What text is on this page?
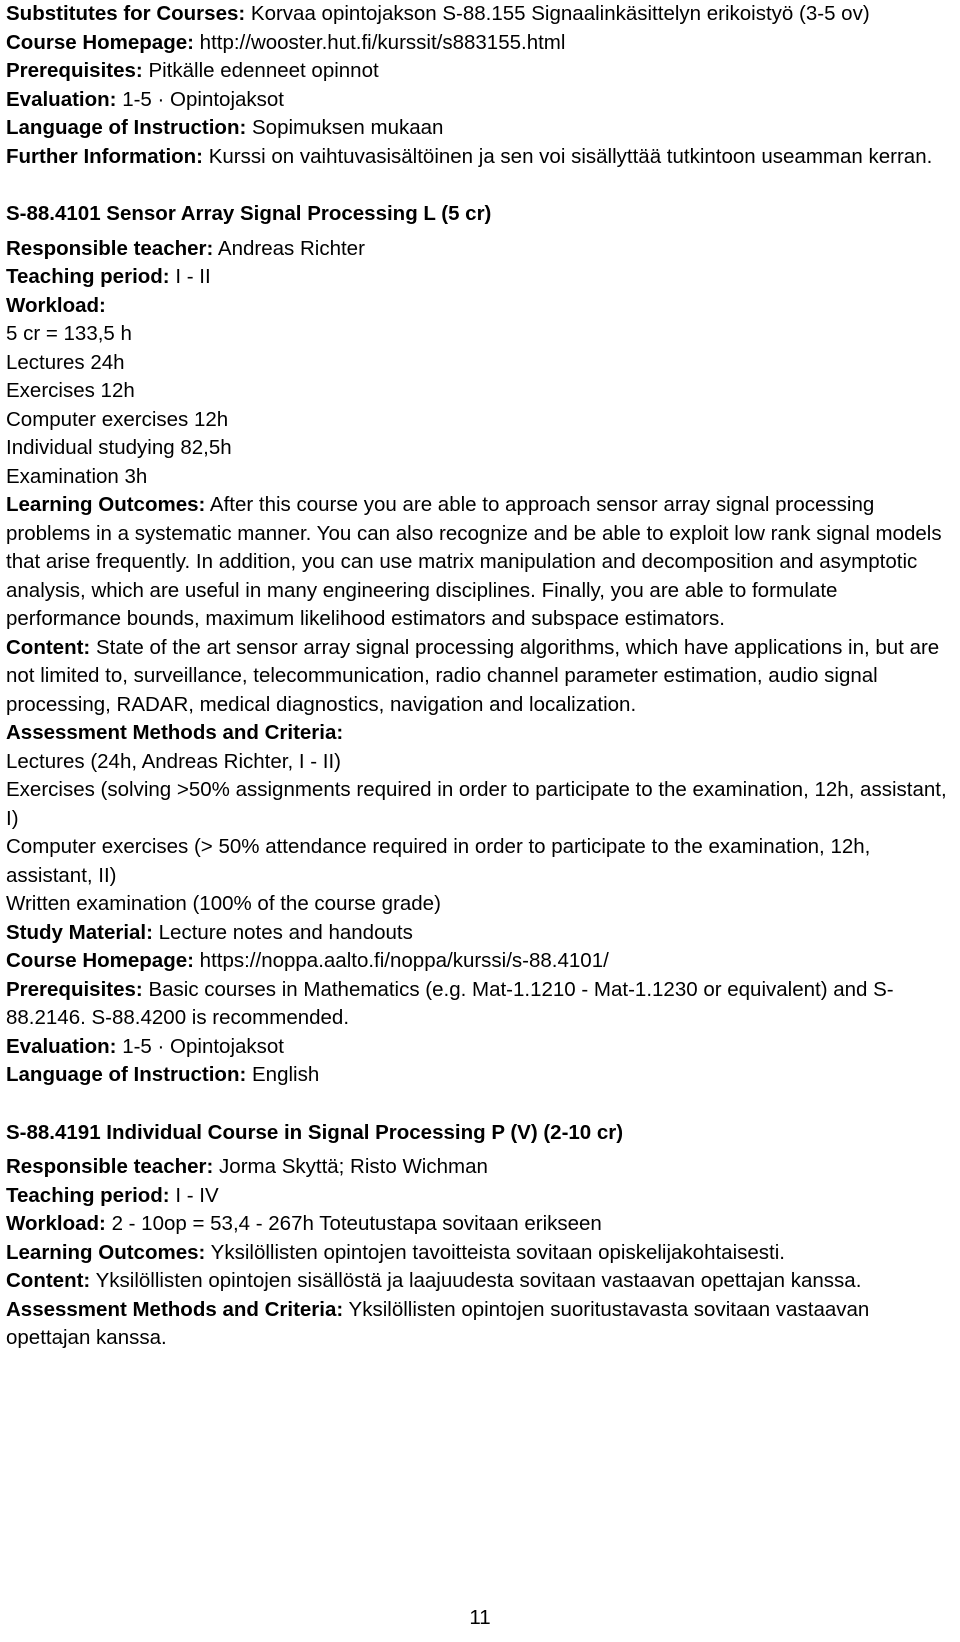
Substitutes for Courses: Korvaa opintojakson S-88.155 Signaalinkäsittelyn erikoistyö (3-5 ov)
Course Homepage: http://wooster.hut.fi/kurssit/s883155.html
Prerequisites: Pitkälle edenneet opinnot
Evaluation: 1-5 · Opintojaksot
Language of Instruction: Sopimuksen mukaan
Further Information: Kurssi on vaihtuvasisältöinen ja sen voi sisällyttää tutkintoon useamman kerran.
S-88.4101 Sensor Array Signal Processing L (5 cr)
Responsible teacher: Andreas Richter
Teaching period: I - II
Workload:
5 cr = 133,5 h
Lectures 24h
Exercises 12h
Computer exercises 12h
Individual studying 82,5h
Examination 3h
Learning Outcomes: After this course you are able to approach sensor array signal processing problems in a systematic manner. You can also recognize and be able to exploit low rank signal models that arise frequently. In addition, you can use matrix manipulation and decomposition and asymptotic analysis, which are useful in many engineering disciplines. Finally, you are able to formulate performance bounds, maximum likelihood estimators and subspace estimators.
Content: State of the art sensor array signal processing algorithms, which have applications in, but are not limited to, surveillance, telecommunication, radio channel parameter estimation, audio signal processing, RADAR, medical diagnostics, navigation and localization.
Assessment Methods and Criteria:
Lectures (24h, Andreas Richter, I - II)
Exercises (solving >50% assignments required in order to participate to the examination, 12h, assistant, I)
Computer exercises (> 50% attendance required in order to participate to the examination, 12h, assistant, II)
Written examination (100% of the course grade)
Study Material: Lecture notes and handouts
Course Homepage: https://noppa.aalto.fi/noppa/kurssi/s-88.4101/
Prerequisites: Basic courses in Mathematics (e.g. Mat-1.1210 - Mat-1.1230 or equivalent) and S-88.2146. S-88.4200 is recommended.
Evaluation: 1-5 · Opintojaksot
Language of Instruction: English
S-88.4191 Individual Course in Signal Processing P (V) (2-10 cr)
Responsible teacher: Jorma Skyttä; Risto Wichman
Teaching period: I - IV
Workload: 2 - 10op = 53,4 - 267h Toteutustapa sovitaan erikseen
Learning Outcomes: Yksilöllisten opintojen tavoitteista sovitaan opiskelijakohtaisesti.
Content: Yksilöllisten opintojen sisällöstä ja laajuudesta sovitaan vastaavan opettajan kanssa.
Assessment Methods and Criteria: Yksilöllisten opintojen suoritustavasta sovitaan vastaavan opettajan kanssa.
11
